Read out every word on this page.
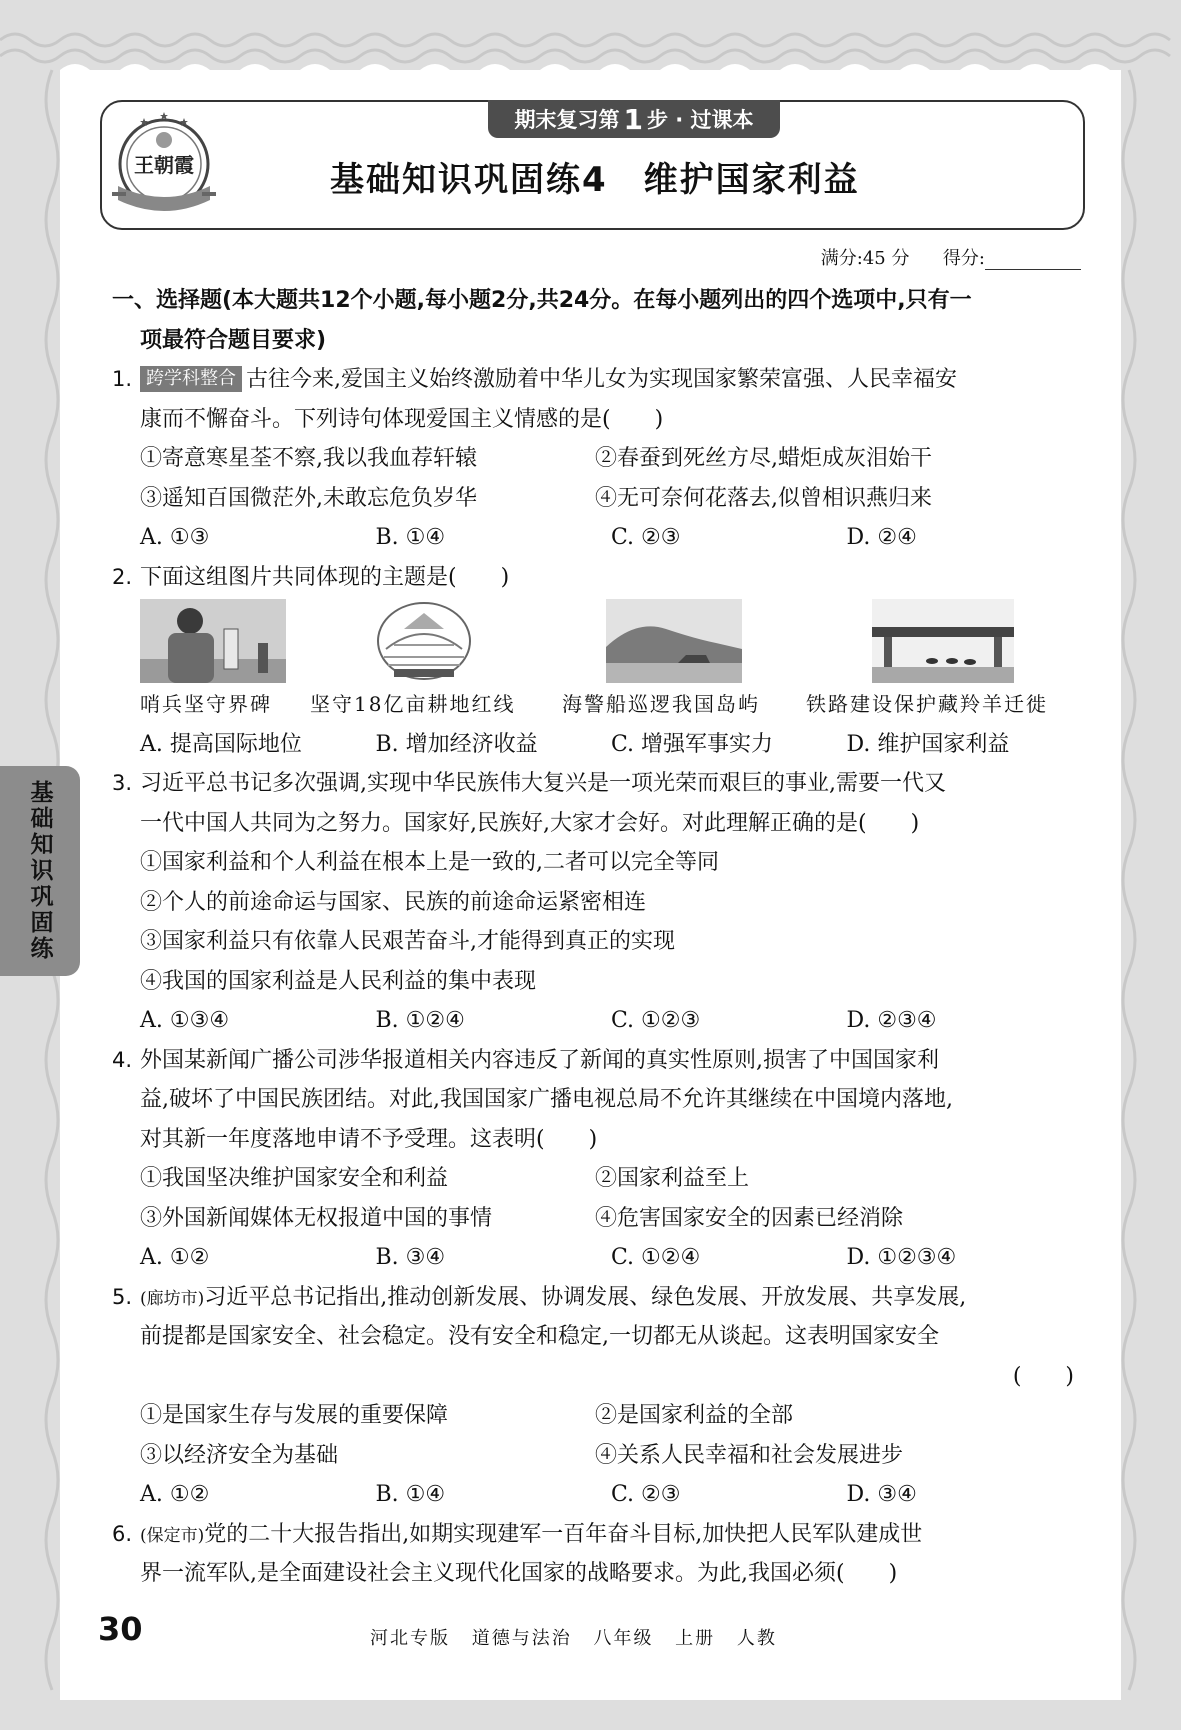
期末复习第 1 步 · 过课本
王朝霞	基础知识巩固练4　维护国家利益
满分:45 分 得分:
一、选择题(本大题共12个小题,每小题2分,共24分。在每小题列出的四个选项中,只有一
项最符合题目要求)
1. 跨学科整合 古往今来,爱国主义始终激励着中华儿女为实现国家繁荣富强、人民幸福安
康而不懈奋斗。下列诗句体现爱国主义情感的是(　　)
①寄意寒星荃不察,我以我血荐轩辕	②春蚕到死丝方尽,蜡炬成灰泪始干
③遥知百国微茫外,未敢忘危负岁华	④无可奈何花落去,似曾相识燕归来
A. ①③	B. ①④	C. ②③	D. ②④
2. 下面这组图片共同体现的主题是(　　)
哨兵坚守界碑 坚守18亿亩耕地红线 海警船巡逻我国岛屿 铁路建设保护藏羚羊迁徙
A. 提高国际地位	B. 增加经济收益	C. 增强军事实力	D. 维护国家利益
3. 习近平总书记多次强调,实现中华民族伟大复兴是一项光荣而艰巨的事业,需要一代又
一代中国人共同为之努力。国家好,民族好,大家才会好。对此理解正确的是(　　)
①国家利益和个人利益在根本上是一致的,二者可以完全等同
②个人的前途命运与国家、民族的前途命运紧密相连
③国家利益只有依靠人民艰苦奋斗,才能得到真正的实现
④我国的国家利益是人民利益的集中表现
A. ①③④	B. ①②④	C. ①②③	D. ②③④
4. 外国某新闻广播公司涉华报道相关内容违反了新闻的真实性原则,损害了中国国家利
益,破坏了中国民族团结。对此,我国国家广播电视总局不允许其继续在中国境内落地,
对其新一年度落地申请不予受理。这表明(　　)
①我国坚决维护国家安全和利益	②国家利益至上
③外国新闻媒体无权报道中国的事情	④危害国家安全的因素已经消除
A. ①②	B. ③④	C. ①②④	D. ①②③④
5. (廊坊市)习近平总书记指出,推动创新发展、协调发展、绿色发展、开放发展、共享发展,
前提都是国家安全、社会稳定。没有安全和稳定,一切都无从谈起。这表明国家安全
(　　)
①是国家生存与发展的重要保障	②是国家利益的全部
③以经济安全为基础	④关系人民幸福和社会发展进步
A. ①②	B. ①④	C. ②③	D. ③④
6. (保定市)党的二十大报告指出,如期实现建军一百年奋斗目标,加快把人民军队建成世
界一流军队,是全面建设社会主义现代化国家的战略要求。为此,我国必须(　　)
基础知识巩固练
30	河北专版 道德与法治 八年级 上册 人教
